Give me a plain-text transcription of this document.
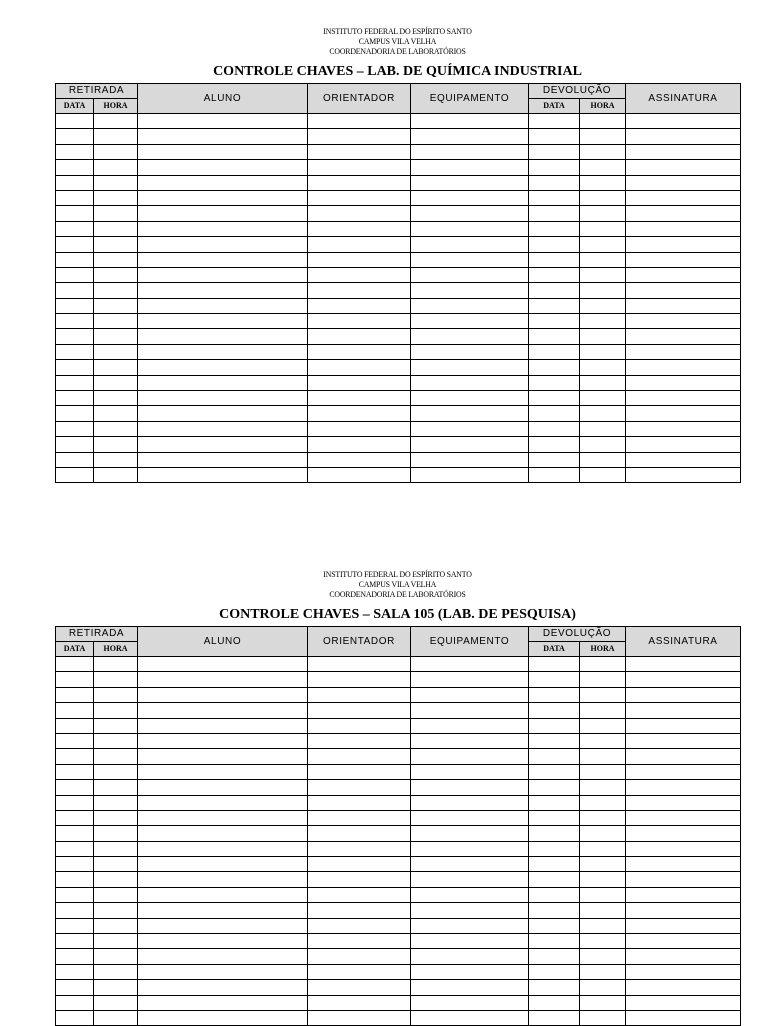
INSTITUTO FEDERAL DO ESPÍRITO SANTO
CAMPUS VILA VELHA
COORDENADORIA DE LABORATÓRIOS
CONTROLE CHAVES – LAB. DE QUÍMICA INDUSTRIAL
RETIRADA		ALUNO	ORIENTADOR	EQUIPAMENTO	DEVOLUÇÃO		ASSINATURA
DATA	HORA				DATA	HORA	

INSTITUTO FEDERAL DO ESPÍRITO SANTO
CAMPUS VILA VELHA
COORDENADORIA DE LABORATÓRIOS
CONTROLE CHAVES – SALA 105 (LAB. DE PESQUISA)
RETIRADA		ALUNO	ORIENTADOR	EQUIPAMENTO	DEVOLUÇÃO		ASSINATURA
DATA	HORA				DATA	HORA	
